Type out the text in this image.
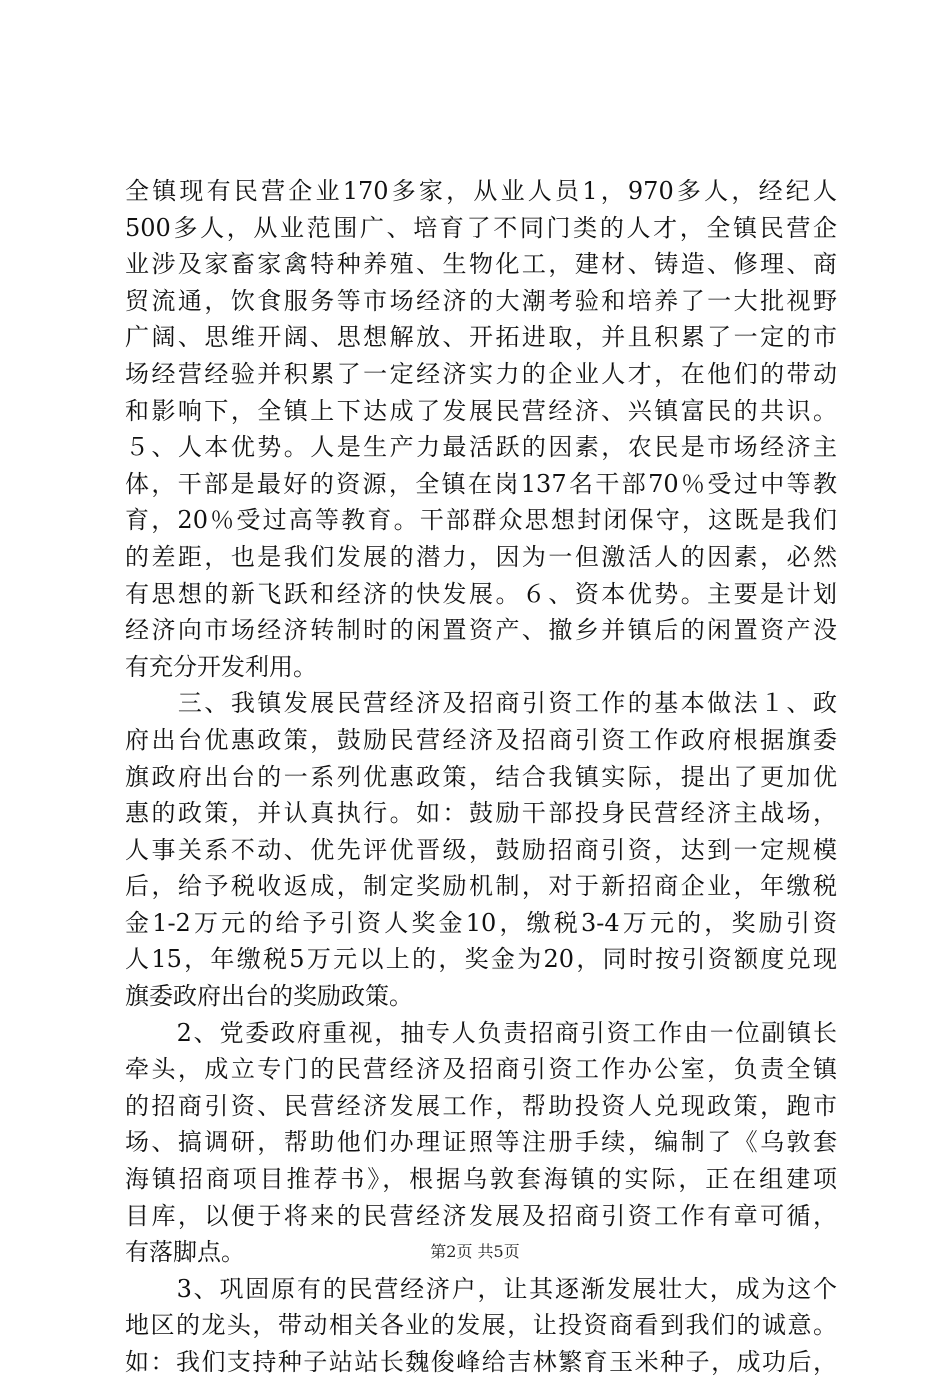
全镇现有民营企业170多家，从业人员1，970多人，经纪人
500多人，从业范围广、培育了不同门类的人才，全镇民营企
业涉及家畜家禽特种养殖、生物化工，建材、铸造、修理、商
贸流通，饮食服务等市场经济的大潮考验和培养了一大批视野
广阔、思维开阔、思想解放、开拓进取，并且积累了一定的市
场经营经验并积累了一定经济实力的企业人才，在他们的带动
和影响下，全镇上下达成了发展民营经济、兴镇富民的共识。
５、人本优势。人是生产力最活跃的因素，农民是市场经济主
体，干部是最好的资源，全镇在岗137名干部70％受过中等教
育，20％受过高等教育。干部群众思想封闭保守，这既是我们
的差距，也是我们发展的潜力，因为一但激活人的因素，必然
有思想的新飞跃和经济的快发展。６、资本优势。主要是计划
经济向市场经济转制时的闲置资产、撤乡并镇后的闲置资产没
有充分开发利用。
　　三、我镇发展民营经济及招商引资工作的基本做法１、政
府出台优惠政策，鼓励民营经济及招商引资工作政府根据旗委
旗政府出台的一系列优惠政策，结合我镇实际，提出了更加优
惠的政策，并认真执行。如：鼓励干部投身民营经济主战场，
人事关系不动、优先评优晋级，鼓励招商引资，达到一定规模
后，给予税收返成，制定奖励机制，对于新招商企业，年缴税
金1-2万元的给予引资人奖金10，缴税3-4万元的，奖励引资
人15，年缴税5万元以上的，奖金为20，同时按引资额度兑现
旗委政府出台的奖励政策。
　　2、党委政府重视，抽专人负责招商引资工作由一位副镇长
牵头，成立专门的民营经济及招商引资工作办公室，负责全镇
的招商引资、民营经济发展工作，帮助投资人兑现政策，跑市
场、搞调研，帮助他们办理证照等注册手续，编制了《乌敦套
海镇招商项目推荐书》，根据乌敦套海镇的实际，正在组建项
目库，以便于将来的民营经济发展及招商引资工作有章可循，
有落脚点。
　　3、巩固原有的民营经济户，让其逐渐发展壮大，成为这个
地区的龙头，带动相关各业的发展，让投资商看到我们的诚意。
如：我们支持种子站站长魏俊峰给吉林繁育玉米种子，成功后，
第2页 共5页
